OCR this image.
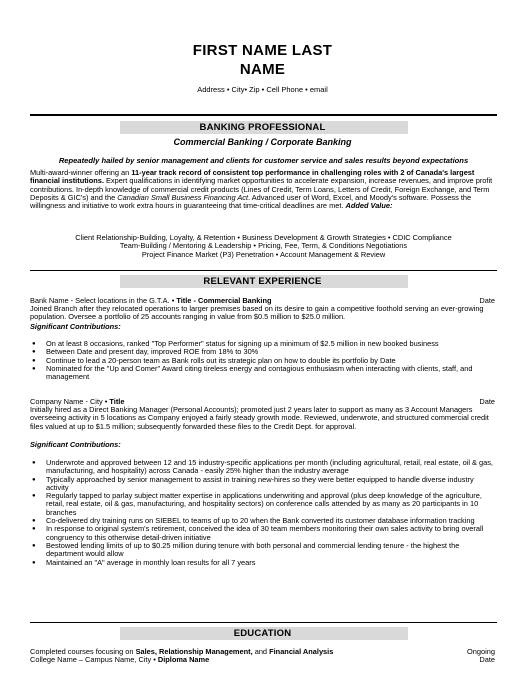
FIRST NAME LAST
NAME
Address • City• Zip • Cell Phone • email
BANKING PROFESSIONAL
Commercial Banking / Corporate Banking
Repeatedly hailed by senior management and clients for customer service and sales results beyond expectations
Multi-award-winner offering an 11-year track record of consistent top performance in challenging roles with 2 of Canada's largest financial institutions. Expert qualifications in identifying market opportunities to accelerate expansion, increase revenues, and improve profit contributions. In-depth knowledge of commercial credit products (Lines of Credit, Term Loans, Letters of Credit, Foreign Exchange, and Term Deposits & GIC's) and the Canadian Small Business Financing Act. Advanced user of Word, Excel, and Moody's software. Possess the willingness and initiative to work extra hours in guaranteeing that time-critical deadlines are met. Added Value:
Client Relationship-Building, Loyalty, & Retention • Business Development & Growth Strategies • CDIC Compliance
Team-Building / Mentoring & Leadership • Pricing, Fee, Term, & Conditions Negotiations
Project Finance Market (P3) Penetration • Account Management & Review
RELEVANT EXPERIENCE
Bank Name - Select locations in the G.T.A. • Title - Commercial Banking	Date
Joined Branch after they relocated operations to larger premises based on its desire to gain a competitive foothold serving an ever-growing population. Oversee a portfolio of 25 accounts ranging in value from $0.5 million to $25.0 million.
Significant Contributions:
● On at least 8 occasions, ranked "Top Performer" status for signing up a minimum of $2.5 million in new booked business
● Between Date and present day, improved ROE from 18% to 30%
● Continue to lead a 20-person team as Bank rolls out its strategic plan on how to double its portfolio by Date
● Nominated for the "Up and Comer" Award citing tireless energy and contagious enthusiasm when interacting with clients, staff, and management
Company Name - City • Title	Date
Initially hired as a Direct Banking Manager (Personal Accounts); promoted just 2 years later to support as many as 3 Account Managers overseeing activity in 5 locations as Company enjoyed a fairly steady growth mode. Reviewed, underwrote, and structured commercial credit files valued at up to $1.5 million; subsequently forwarded these files to the Credit Dept. for approval.
Significant Contributions:
● Underwrote and approved between 12 and 15 industry-specific applications per month (including agricultural, retail, real estate, oil & gas, manufacturing, and hospitality) across Canada - easily 25% higher than the industry average
● Typically approached by senior management to assist in training new-hires so they were better equipped to handle diverse industry activity
● Regularly tapped to parlay subject matter expertise in applications underwriting and approval (plus deep knowledge of the agriculture, retail, real estate, oil & gas, manufacturing, and hospitality sectors) on conference calls attended by as many as 20 participants in 10 branches
● Co-delivered dry training runs on SIEBEL to teams of up to 20 when the Bank converted its customer database information tracking
● In response to original system's retirement, conceived the idea of 30 team members monitoring their own sales activity to bring overall congruency to this otherwise detail-driven initiative
● Bestowed lending limits of up to $0.25 million during tenure with both personal and commercial lending tenure - the highest the department would allow
● Maintained an "A" average in monthly loan results for all 7 years
EDUCATION
Completed courses focusing on Sales, Relationship Management, and Financial Analysis	Ongoing
College Name – Campus Name, City • Diploma Name	Date
